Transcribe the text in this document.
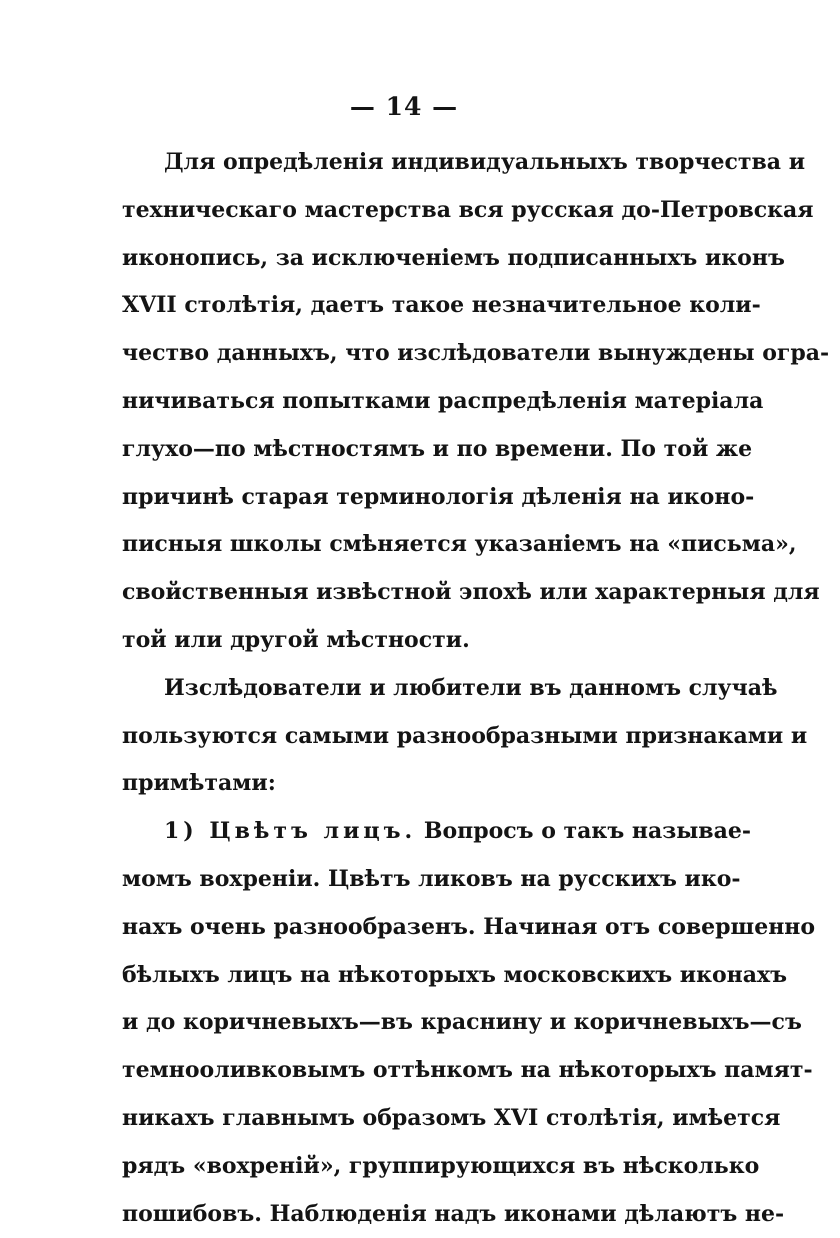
— 14 —
Для опредѣленія индивидуальныхъ творчества и
техническаго мастерства вся русская до-Петровская
иконопись, за исключеніемъ подписанныхъ иконъ
XVII столѣтія, даетъ такое незначительное коли-
чество данныхъ, что изслѣдователи вынуждены огра-
ничиваться попытками распредѣленія матеріала
глухо—по мѣстностямъ и по времени. По той же
причинѣ старая терминологія дѣленія на иконо-
писныя школы смѣняется указаніемъ на «письма»,
свойственныя извѣстной эпохѣ или характерныя для
той или другой мѣстности.
Изслѣдователи и любители въ данномъ случаѣ
пользуются самыми разнообразными признаками и
примѣтами:
1) Цвѣтъ лицъ. Вопросъ о такъ называе-
момъ вохреніи. Цвѣтъ ликовъ на русскихъ ико-
нахъ очень разнообразенъ. Начиная отъ совершенно
бѣлыхъ лицъ на нѣкоторыхъ московскихъ иконахъ
и до коричневыхъ—въ краснину и коричневыхъ—съ
темнооливковымъ оттѣнкомъ на нѣкоторыхъ памят-
никахъ главнымъ образомъ XVI столѣтія, имѣется
рядъ «вохреній», группирующихся въ нѣсколько
пошибовъ. Наблюденія надъ иконами дѣлаютъ не-
